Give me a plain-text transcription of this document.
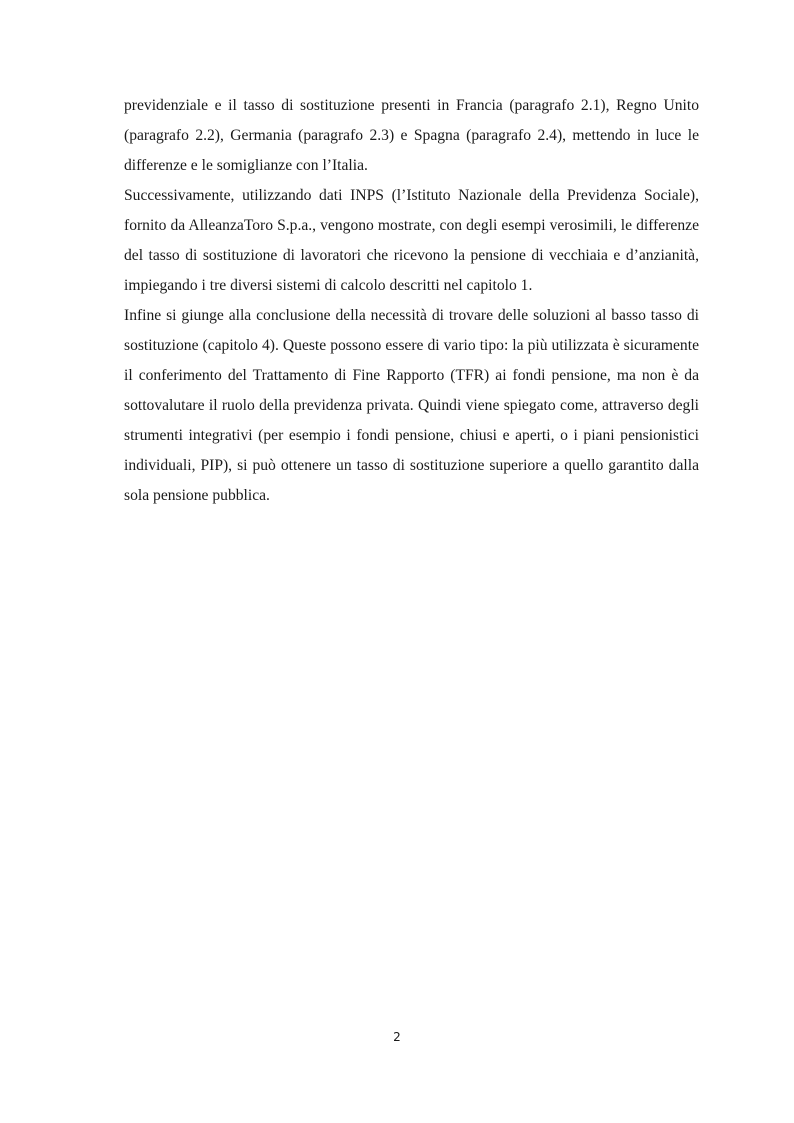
previdenziale e il tasso di sostituzione presenti in Francia (paragrafo 2.1), Regno Unito (paragrafo 2.2), Germania (paragrafo 2.3) e Spagna (paragrafo 2.4), mettendo in luce le differenze e le somiglianze con l’Italia.

Successivamente, utilizzando dati INPS (l’Istituto Nazionale della Previdenza Sociale), fornito da AlleanzaToro S.p.a., vengono mostrate, con degli esempi verosimili, le differenze del tasso di sostituzione di lavoratori che ricevono la pensione di vecchiaia e d’anzianità, impiegando i tre diversi sistemi di calcolo descritti nel capitolo 1.

Infine si giunge alla conclusione della necessità di trovare delle soluzioni al basso tasso di sostituzione (capitolo 4). Queste possono essere di vario tipo: la più utilizzata è sicuramente il conferimento del Trattamento di Fine Rapporto (TFR) ai fondi pensione, ma non è da sottovalutare il ruolo della previdenza privata. Quindi viene spiegato come, attraverso degli strumenti integrativi (per esempio i fondi pensione, chiusi e aperti, o i piani pensionistici individuali, PIP), si può ottenere un tasso di sostituzione superiore a quello garantito dalla sola pensione pubblica.

2
